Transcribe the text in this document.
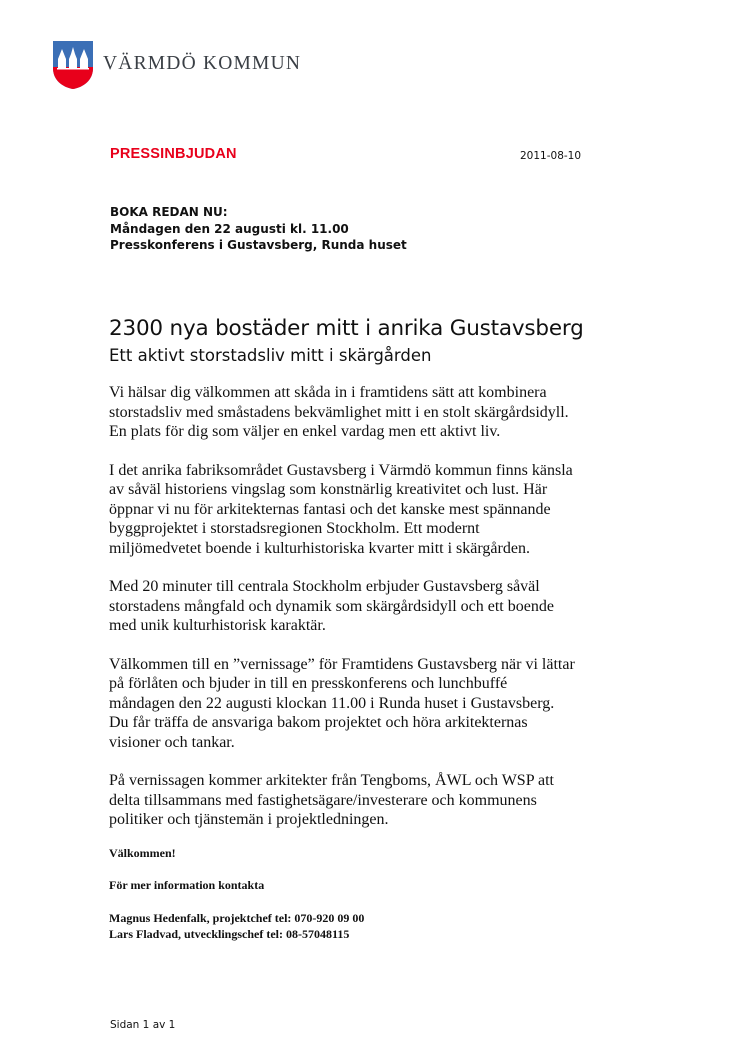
VÄRMDÖ KOMMUN
PRESSINBJUDAN	2011-08-10
BOKA REDAN NU:
Måndagen den 22 augusti kl. 11.00
Presskonferens i Gustavsberg, Runda huset
2300 nya bostäder mitt i anrika Gustavsberg
Ett aktivt storstadsliv mitt i skärgården

Vi hälsar dig välkommen att skåda in i framtidens sätt att kombinera
storstadsliv med småstadens bekvämlighet mitt i en stolt skärgårdsidyll.
En plats för dig som väljer en enkel vardag men ett aktivt liv.

I det anrika fabriksområdet Gustavsberg i Värmdö kommun finns känsla
av såväl historiens vingslag som konstnärlig kreativitet och lust. Här
öppnar vi nu för arkitekternas fantasi och det kanske mest spännande
byggprojektet i storstadsregionen Stockholm. Ett modernt
miljömedvetet boende i kulturhistoriska kvarter mitt i skärgården.

Med 20 minuter till centrala Stockholm erbjuder Gustavsberg såväl
storstadens mångfald och dynamik som skärgårdsidyll och ett boende
med unik kulturhistorisk karaktär.

Välkommen till en ”vernissage” för Framtidens Gustavsberg när vi lättar
på förlåten och bjuder in till en presskonferens och lunchbuffé
måndagen den 22 augusti klockan 11.00 i Runda huset i Gustavsberg.
Du får träffa de ansvariga bakom projektet och höra arkitekternas
visioner och tankar.

På vernissagen kommer arkitekter från Tengboms, ÅWL och WSP att
delta tillsammans med fastighetsägare/investerare och kommunens
politiker och tjänstemän i projektledningen.

Välkommen!
För mer information kontakta
Magnus Hedenfalk, projektchef tel: 070-920 09 00
Lars Fladvad, utvecklingschef tel: 08-57048115
Sidan 1 av 1
